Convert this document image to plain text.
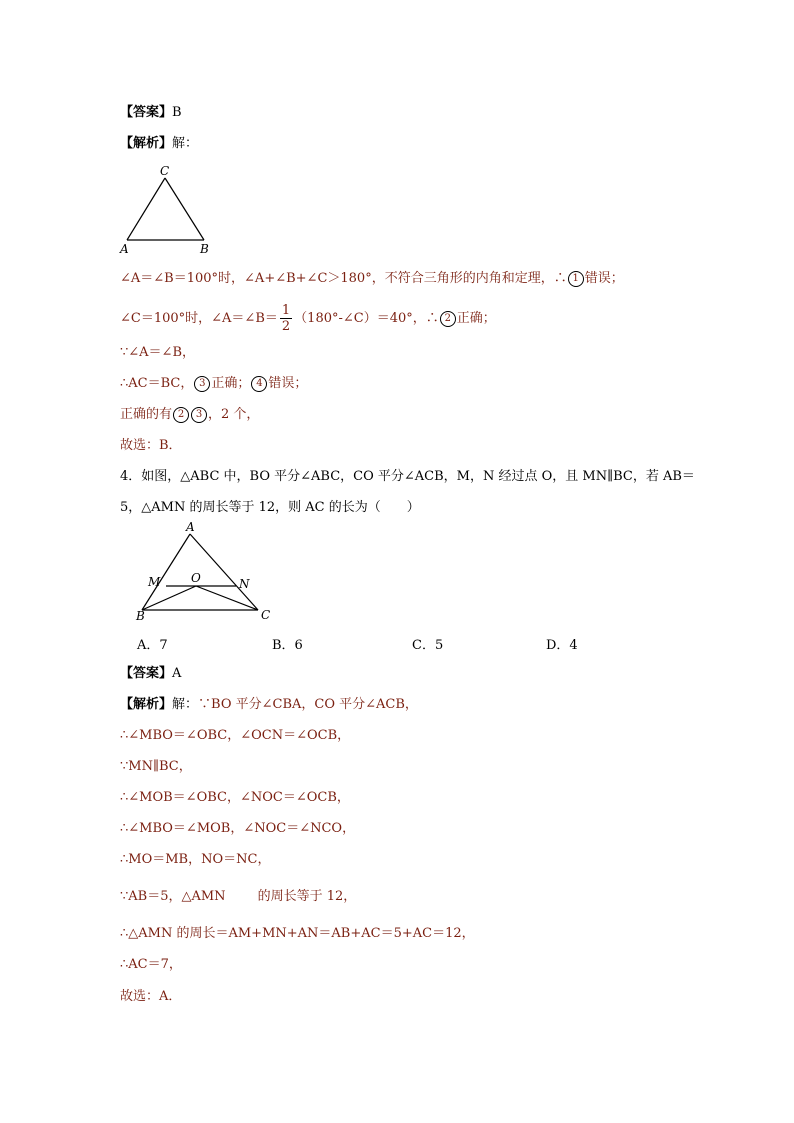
【答案】B
【解析】解：
C
A	B
∠A＝∠B＝100°时，∠A+∠B+∠C＞180°，不符合三角形的内角和定理，∴ 1 错误；
∠C＝100°时，∠A＝∠B＝ $\frac{1}{2}$ （180°-∠C）＝40°，∴ 2 正确；
∵∠A＝∠B，
∴AC＝BC， 3 正确； 4 错误；
正确的有 2 3 ，2 个，
故选：B．
4．如图，△ABC 中，BO 平分∠ABC，CO 平分∠ACB，M，N 经过点 O，且 MN∥BC，若 AB＝
5，△AMN 的周长等于 12，则 AC 的长为（　　）
A
M	O	N
B	C
A．7	B．6	C．5	D．4
【答案】A
【解析】解：∵BO 平分∠CBA，CO 平分∠ACB，
∴∠MBO＝∠OBC，∠OCN＝∠OCB，
∵MN∥BC，
∴∠MOB＝∠OBC，∠NOC＝∠OCB，
∴∠MBO＝∠MOB，∠NOC＝∠NCO，
∴MO＝MB，NO＝NC，
∵AB＝5，△AMN 的周长等于 12，
∴△AMN 的周长＝AM+MN+AN＝AB+AC＝5+AC＝12，
∴AC＝7，
故选：A．
